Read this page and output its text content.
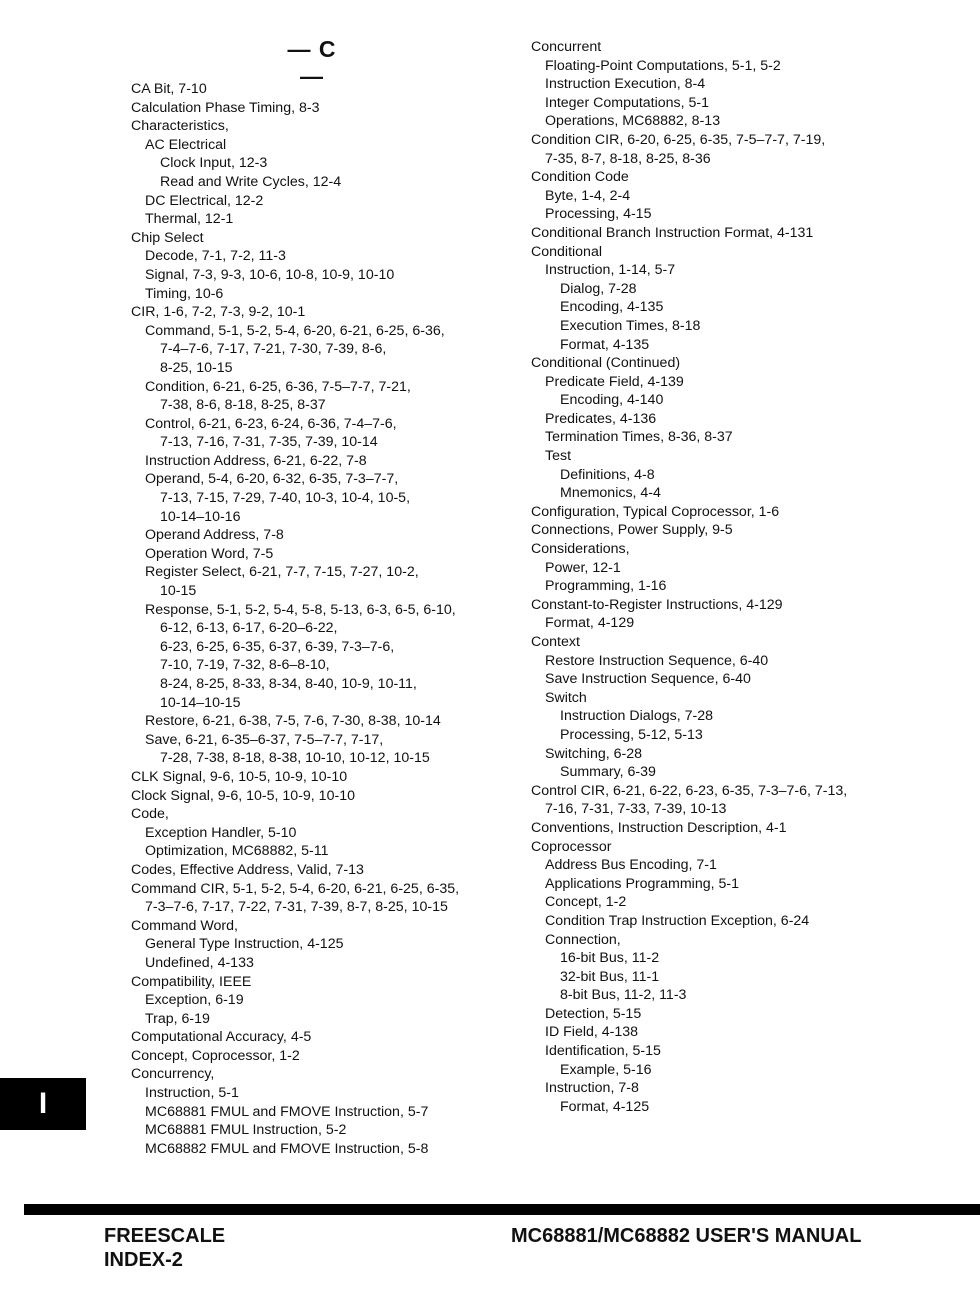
— C —
CA Bit, 7-10
Calculation Phase Timing, 8-3
Characteristics,
AC Electrical
Clock Input, 12-3
Read and Write Cycles, 12-4
DC Electrical, 12-2
Thermal, 12-1
Chip Select
Decode, 7-1, 7-2, 11-3
Signal, 7-3, 9-3, 10-6, 10-8, 10-9, 10-10
Timing, 10-6
CIR, 1-6, 7-2, 7-3, 9-2, 10-1
Command, 5-1, 5-2, 5-4, 6-20, 6-21, 6-25, 6-36,
7-4–7-6, 7-17, 7-21, 7-30, 7-39, 8-6,
8-25, 10-15
Condition, 6-21, 6-25, 6-36, 7-5–7-7, 7-21,
7-38, 8-6, 8-18, 8-25, 8-37
Control, 6-21, 6-23, 6-24, 6-36, 7-4–7-6,
7-13, 7-16, 7-31, 7-35, 7-39, 10-14
Instruction Address, 6-21, 6-22, 7-8
Operand, 5-4, 6-20, 6-32, 6-35, 7-3–7-7,
7-13, 7-15, 7-29, 7-40, 10-3, 10-4, 10-5,
10-14–10-16
Operand Address, 7-8
Operation Word, 7-5
Register Select, 6-21, 7-7, 7-15, 7-27, 10-2,
10-15
Response, 5-1, 5-2, 5-4, 5-8, 5-13, 6-3, 6-5, 6-10,
6-12, 6-13, 6-17, 6-20–6-22,
6-23, 6-25, 6-35, 6-37, 6-39, 7-3–7-6,
7-10, 7-19, 7-32, 8-6–8-10,
8-24, 8-25, 8-33, 8-34, 8-40, 10-9, 10-11,
10-14–10-15
Restore, 6-21, 6-38, 7-5, 7-6, 7-30, 8-38, 10-14
Save, 6-21, 6-35–6-37, 7-5–7-7, 7-17,
7-28, 7-38, 8-18, 8-38, 10-10, 10-12, 10-15
CLK Signal, 9-6, 10-5, 10-9, 10-10
Clock Signal, 9-6, 10-5, 10-9, 10-10
Code,
Exception Handler, 5-10
Optimization, MC68882, 5-11
Codes, Effective Address, Valid, 7-13
Command CIR, 5-1, 5-2, 5-4, 6-20, 6-21, 6-25, 6-35,
7-3–7-6, 7-17, 7-22, 7-31, 7-39, 8-7, 8-25, 10-15
Command Word,
General Type Instruction, 4-125
Undefined, 4-133
Compatibility, IEEE
Exception, 6-19
Trap, 6-19
Computational Accuracy, 4-5
Concept, Coprocessor, 1-2
Concurrency,
Instruction, 5-1
MC68881 FMUL and FMOVE Instruction, 5-7
MC68881 FMUL Instruction, 5-2
MC68882 FMUL and FMOVE Instruction, 5-8
Concurrent
Floating-Point Computations, 5-1, 5-2
Instruction Execution, 8-4
Integer Computations, 5-1
Operations, MC68882, 8-13
Condition CIR, 6-20, 6-25, 6-35, 7-5–7-7, 7-19,
7-35, 8-7, 8-18, 8-25, 8-36
Condition Code
Byte, 1-4, 2-4
Processing, 4-15
Conditional Branch Instruction Format, 4-131
Conditional
Instruction, 1-14, 5-7
Dialog, 7-28
Encoding, 4-135
Execution Times, 8-18
Format, 4-135
Conditional (Continued)
Predicate Field, 4-139
Encoding, 4-140
Predicates, 4-136
Termination Times, 8-36, 8-37
Test
Definitions, 4-8
Mnemonics, 4-4
Configuration, Typical Coprocessor, 1-6
Connections, Power Supply, 9-5
Considerations,
Power, 12-1
Programming, 1-16
Constant-to-Register Instructions, 4-129
Format, 4-129
Context
Restore Instruction Sequence, 6-40
Save Instruction Sequence, 6-40
Switch
Instruction Dialogs, 7-28
Processing, 5-12, 5-13
Switching, 6-28
Summary, 6-39
Control CIR, 6-21, 6-22, 6-23, 6-35, 7-3–7-6, 7-13,
7-16, 7-31, 7-33, 7-39, 10-13
Conventions, Instruction Description, 4-1
Coprocessor
Address Bus Encoding, 7-1
Applications Programming, 5-1
Concept, 1-2
Condition Trap Instruction Exception, 6-24
Connection,
16-bit Bus, 11-2
32-bit Bus, 11-1
8-bit Bus, 11-2, 11-3
Detection, 5-15
ID Field, 4-138
Identification, 5-15
Example, 5-16
Instruction, 7-8
Format, 4-125
I
FREESCALE
INDEX-2
MC68881/MC68882 USER'S MANUAL
